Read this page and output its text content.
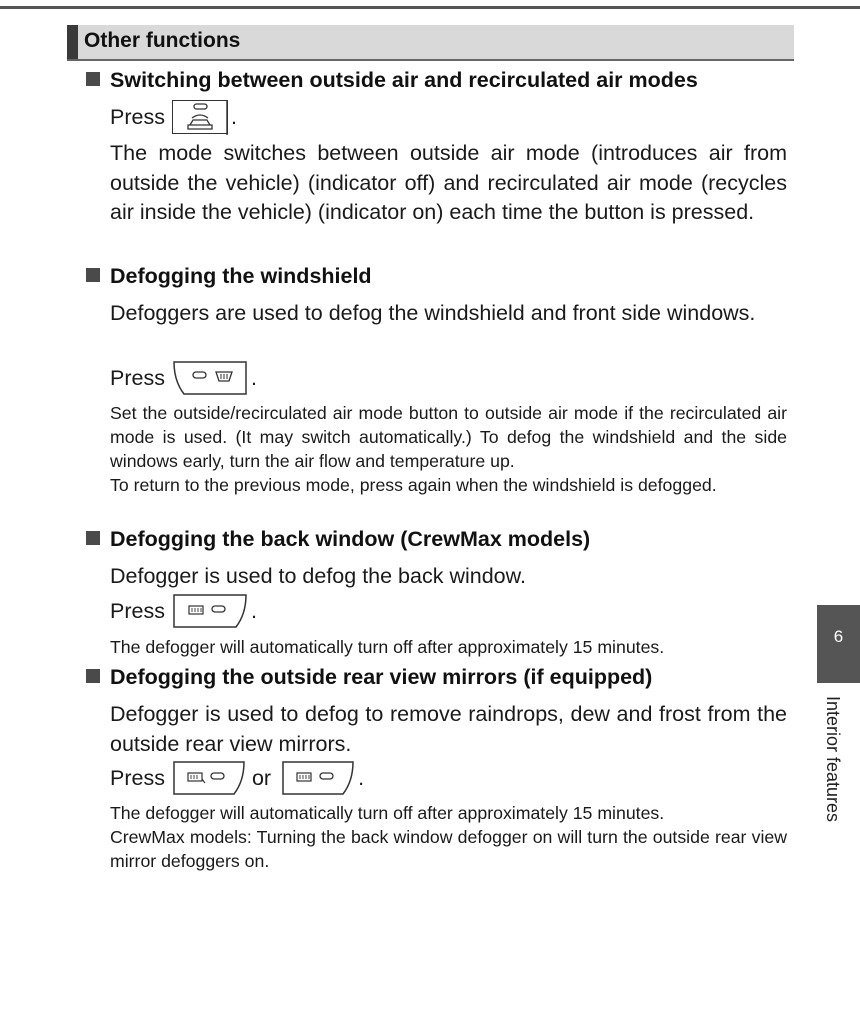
Other functions
Switching between outside air and recirculated air modes
Press	.

The mode switches between outside air mode (introduces air from outside the vehicle) (indicator off) and recirculated air mode (recycles air inside the vehicle) (indicator on) each time the button is pressed.

Defogging the windshield

Defoggers are used to defog the windshield and front side windows.

Press	.

Set the outside/recirculated air mode button to outside air mode if the recirculated air mode is used. (It may switch automatically.) To defog the windshield and the side windows early, turn the air flow and temperature up.

To return to the previous mode, press again when the windshield is defogged.

Defogging the back window (CrewMax models)

Defogger is used to defog the back window.

Press	.

The defogger will automatically turn off after approximately 15 minutes.

Defogging the outside rear view mirrors (if equipped)

Defogger is used to defog to remove raindrops, dew and frost from the outside rear view mirrors.

Press	or	.

The defogger will automatically turn off after approximately 15 minutes.

CrewMax models: Turning the back window defogger on will turn the outside rear view mirror defoggers on.

6
Interior features
